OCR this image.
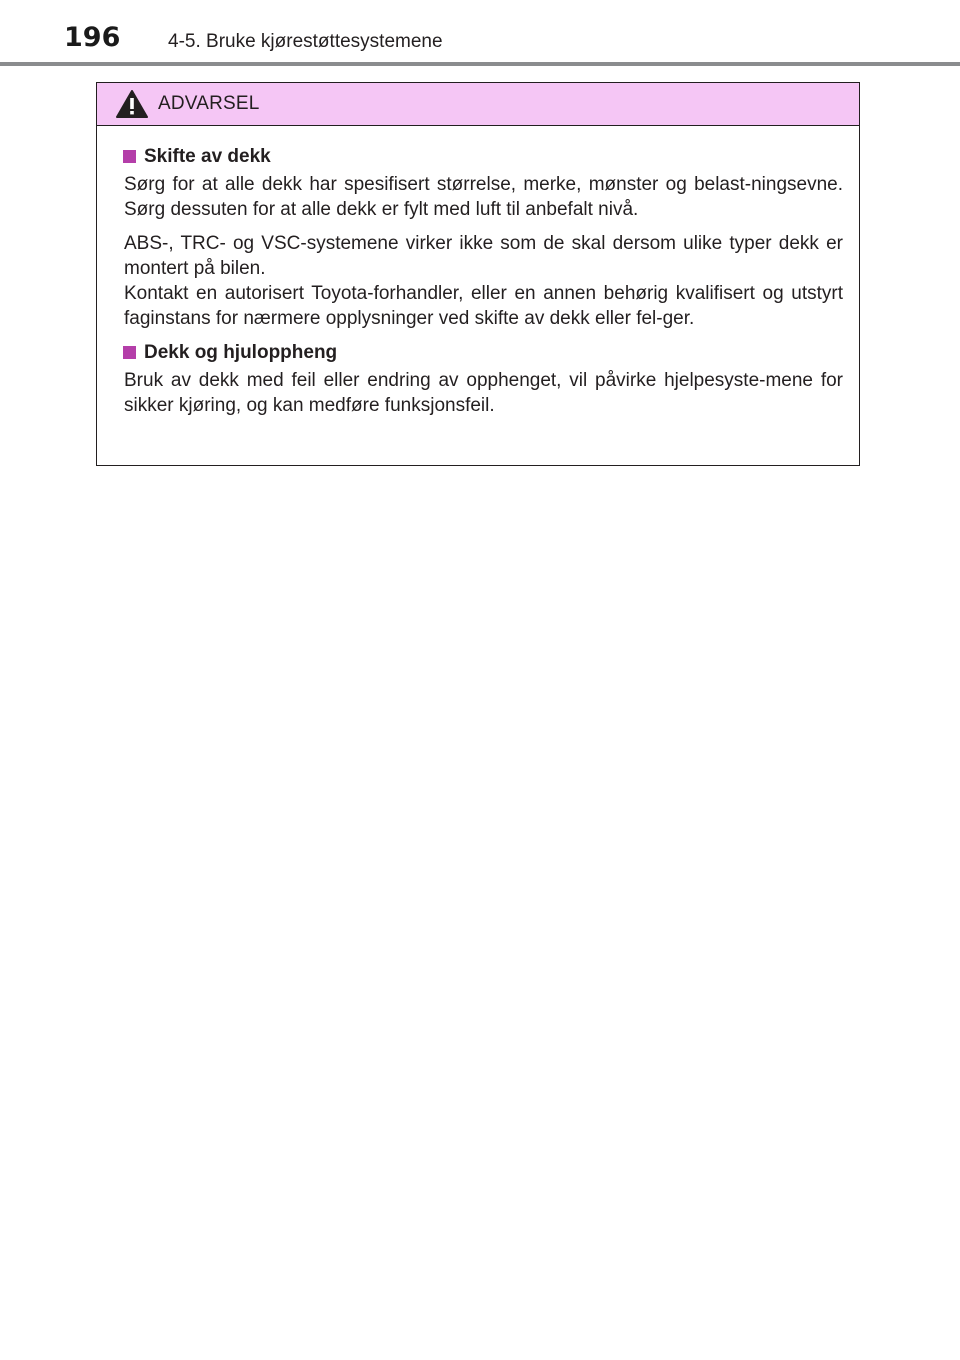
196	4-5. Bruke kjørestøttesystemene
ADVARSEL
Skifte av dekk

Sørg for at alle dekk har spesifisert størrelse, merke, mønster og belast-ningsevne. Sørg dessuten for at alle dekk er fylt med luft til anbefalt nivå.

ABS-, TRC- og VSC-systemene virker ikke som de skal dersom ulike typer dekk er montert på bilen.

Kontakt en autorisert Toyota-forhandler, eller en annen behørig kvalifisert og utstyrt faginstans for nærmere opplysninger ved skifte av dekk eller fel-ger.

Dekk og hjuloppheng

Bruk av dekk med feil eller endring av opphenget, vil påvirke hjelpesyste-mene for sikker kjøring, og kan medføre funksjonsfeil.
